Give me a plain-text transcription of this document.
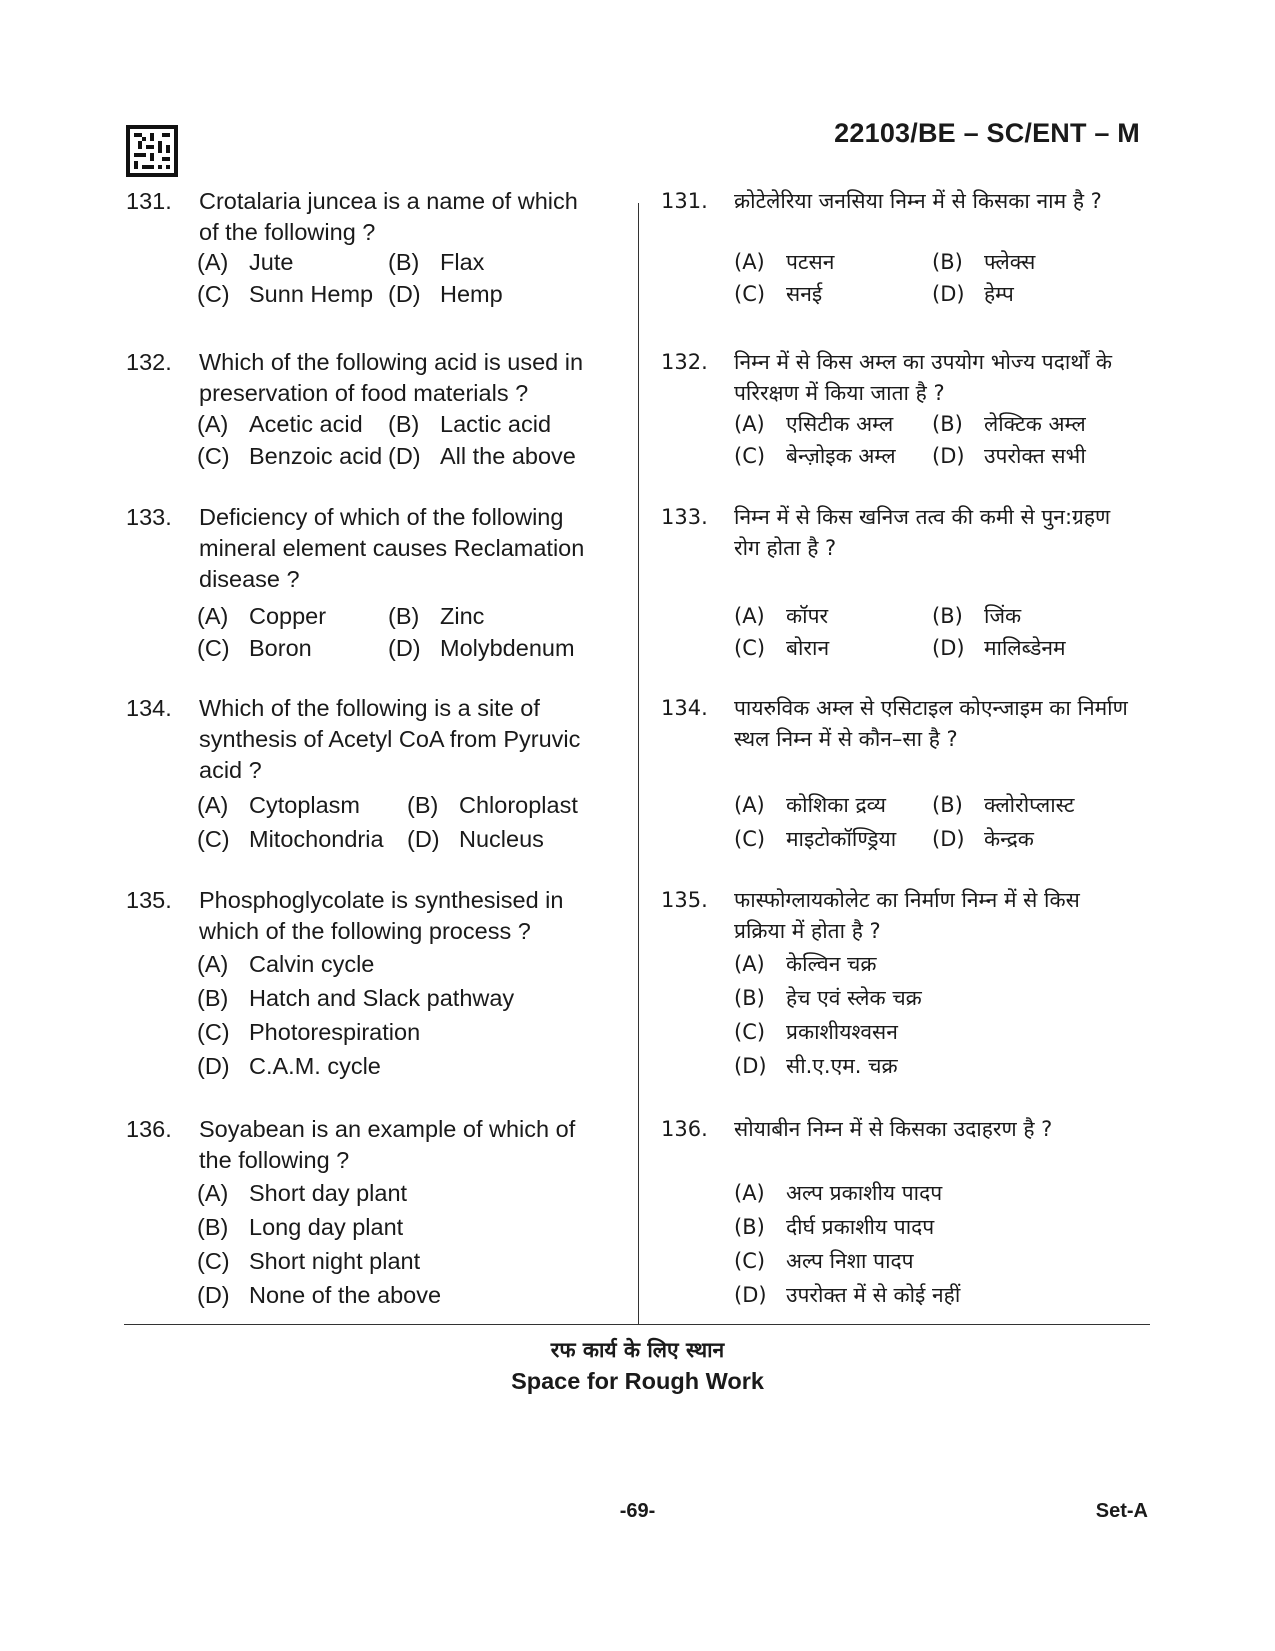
22103/BE – SC/ENT – M
131. Crotalaria juncea is a name of which
of the following ?
(A) Jute	(B) Flax
(C) Sunn Hemp (D) Hemp
132. Which of the following acid is used in
preservation of food materials ?
(A) Acetic acid (B) Lactic acid
(C) Benzoic acid (D) All the above
133. Deficiency of which of the following
mineral element causes Reclamation
disease ?
(A) Copper	(B) Zinc
(C) Boron	(D) Molybdenum
134. Which of the following is a site of
synthesis of Acetyl CoA from Pyruvic
acid ?
(A) Cytoplasm (B) Chloroplast
(C) Mitochondria (D) Nucleus
135. Phosphoglycolate is synthesised in
which of the following process ?
(A) Calvin cycle
(B) Hatch and Slack pathway
(C) Photorespiration
(D) C.A.M. cycle
136. Soyabean is an example of which of
the following ?
(A) Short day plant
(B) Long day plant
(C) Short night plant
(D) None of the above
131. क्रोटेलेरिया जनसिया निम्न में से किसका नाम है ?
(A) पटसन	(B) फ्लेक्स
(C) सनई	(D) हेम्प
132. निम्न में से किस अम्ल का उपयोग भोज्य पदार्थों के
परिरक्षण में किया जाता है ?
(A) एसिटीक अम्ल (B) लेक्टिक अम्ल
(C) बेन्ज़ोइक अम्ल (D) उपरोक्त सभी
133. निम्न में से किस खनिज तत्व की कमी से पुन:ग्रहण
रोग होता है ?
(A) कॉपर	(B) जिंक
(C) बोरान	(D) मालिब्डेनम
134. पायरुविक अम्ल से एसिटाइल कोएन्जाइम का निर्माण
स्थल निम्न में से कौन–सा है ?
(A) कोशिका द्रव्य (B) क्लोरोप्लास्ट
(C) माइटोकॉण्ड्रिया (D) केन्द्रक
135. फास्फोग्लायकोलेट का निर्माण निम्न में से किस
प्रक्रिया में होता है ?
(A) केल्विन चक्र
(B) हेच एवं स्लेक चक्र
(C) प्रकाशीयश्वसन
(D) सी.ए.एम. चक्र
136. सोयाबीन निम्न में से किसका उदाहरण है ?
(A) अल्प प्रकाशीय पादप
(B) दीर्घ प्रकाशीय पादप
(C) अल्प निशा पादप
(D) उपरोक्त में से कोई नहीं
रफ कार्य के लिए स्थान
Space for Rough Work
-69-	Set-A
